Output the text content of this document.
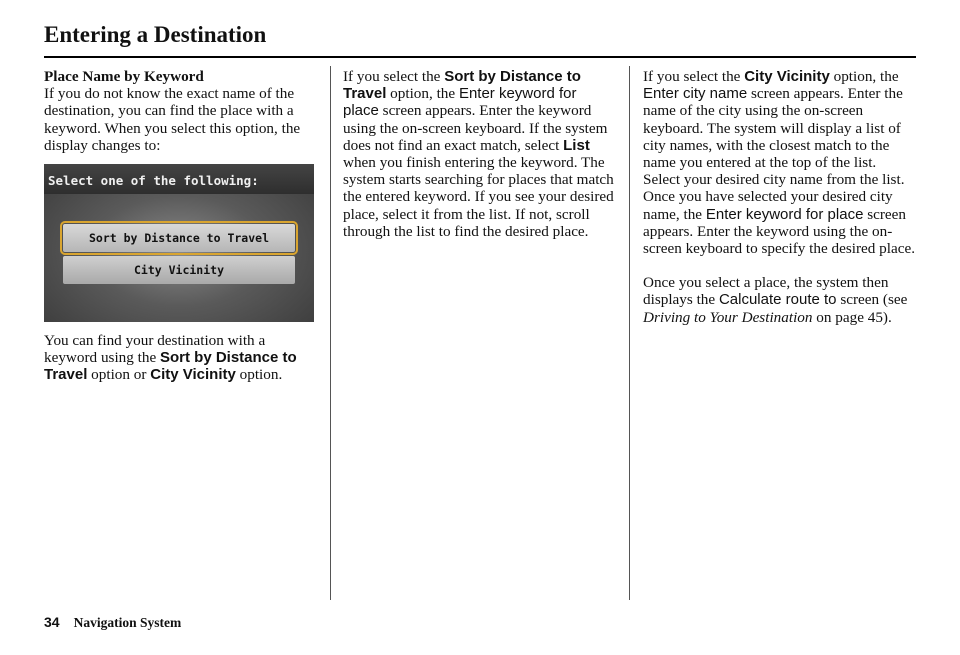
Entering a Destination

Place Name by Keyword

If you do not know the exact name of the destination, you can find the place with a keyword. When you select this option, the display changes to:

Select one of the following:
Sort by Distance to Travel
City Vicinity

You can find your destination with a keyword using the Sort by Distance to Travel option or City Vicinity option.

If you select the Sort by Distance to Travel option, the Enter keyword for place screen appears. Enter the keyword using the on-screen keyboard. If the system does not find an exact match, select List when you finish entering the keyword. The system starts searching for places that match the entered keyword. If you see your desired place, select it from the list. If not, scroll through the list to find the desired place.

If you select the City Vicinity option, the Enter city name screen appears. Enter the name of the city using the on-screen keyboard. The system will display a list of city names, with the closest match to the name you entered at the top of the list. Select your desired city name from the list. Once you have selected your desired city name, the Enter keyword for place screen appears. Enter the keyword using the on-screen keyboard to specify the desired place.

Once you select a place, the system then displays the Calculate route to screen (see Driving to Your Destination on page 45).

34 Navigation System
